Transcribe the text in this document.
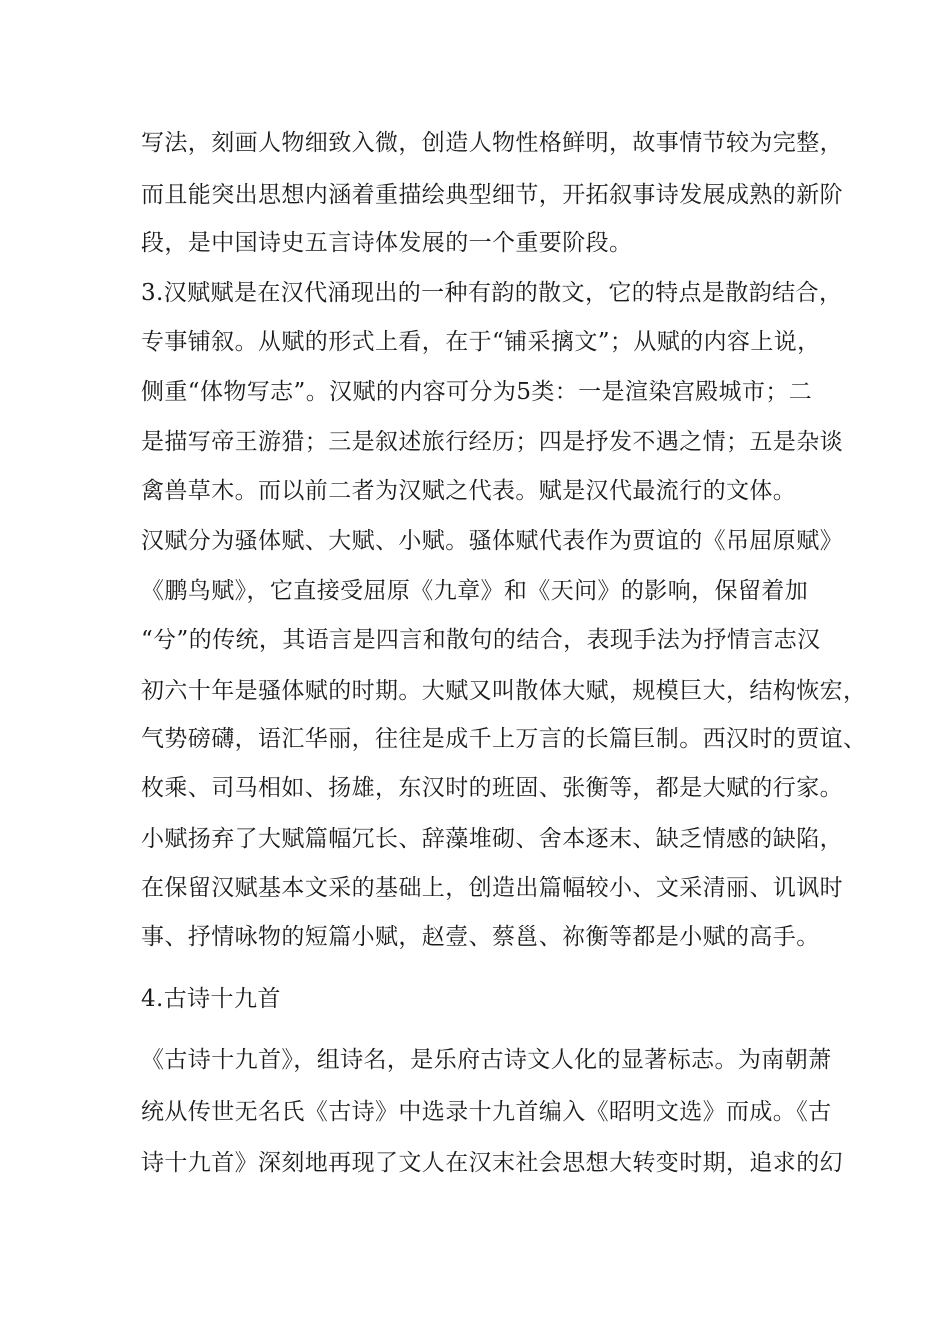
写法，刻画人物细致入微，创造人物性格鲜明，故事情节较为完整，
而且能突出思想内涵着重描绘典型细节，开拓叙事诗发展成熟的新阶
段，是中国诗史五言诗体发展的一个重要阶段。
3.汉赋赋是在汉代涌现出的一种有韵的散文，它的特点是散韵结合，
专事铺叙。从赋的形式上看，在于“铺采摛文”；从赋的内容上说，
侧重“体物写志”。汉赋的内容可分为5类：一是渲染宫殿城市；二
是描写帝王游猎；三是叙述旅行经历；四是抒发不遇之情；五是杂谈
禽兽草木。而以前二者为汉赋之代表。赋是汉代最流行的文体。
汉赋分为骚体赋、大赋、小赋。骚体赋代表作为贾谊的《吊屈原赋》
《鹏鸟赋》，它直接受屈原《九章》和《天问》的影响，保留着加
“兮”的传统，其语言是四言和散句的结合，表现手法为抒情言志汉
初六十年是骚体赋的时期。大赋又叫散体大赋，规模巨大，结构恢宏，
气势磅礴，语汇华丽，往往是成千上万言的长篇巨制。西汉时的贾谊、
枚乘、司马相如、扬雄，东汉时的班固、张衡等，都是大赋的行家。
小赋扬弃了大赋篇幅冗长、辞藻堆砌、舍本逐末、缺乏情感的缺陷，
在保留汉赋基本文采的基础上，创造出篇幅较小、文采清丽、讥讽时
事、抒情咏物的短篇小赋，赵壹、蔡邕、祢衡等都是小赋的高手。
4.古诗十九首
《古诗十九首》，组诗名，是乐府古诗文人化的显著标志。为南朝萧
统从传世无名氏《古诗》中选录十九首编入《昭明文选》而成。《古
诗十九首》深刻地再现了文人在汉末社会思想大转变时期，追求的幻
